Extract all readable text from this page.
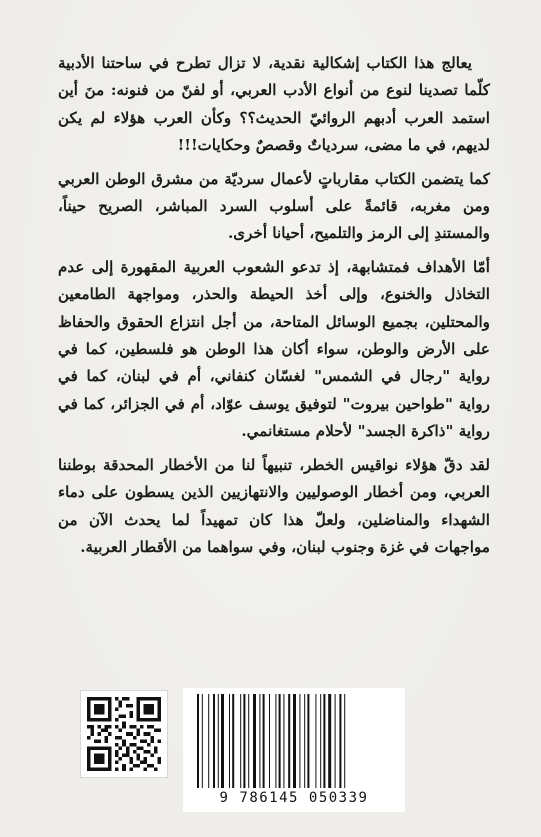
يعالج هذا الكتاب إشكالية نقدية، لا تزال تطرح في ساحتنا الأدبية كلّما تصدينا لنوع من أنواع الأدب العربي، أو لفنّ من فنونه: منَ أين استمد العرب أدبهم الروائيّ الحديث؟؟ وكأن العرب هؤلاء لم يكن لديهم، في ما مضى، سردياتٌ وقصصٌ وحكايات!!!

كما يتضمن الكتاب مقارباتٍ لأعمال سرديّة من مشرق الوطن العربي ومن مغربه، قائمةً على أسلوب السرد المباشر، الصريح حيناً، والمستندِ إلى الرمز والتلميح، أحيانا أخرى.

أمّا الأهداف فمتشابهة، إذ تدعو الشعوب العربية المقهورة إلى عدم التخاذل والخنوع، وإلى أخذ الحيطة والحذر، ومواجهة الطامعين والمحتلين، بجميع الوسائل المتاحة، من أجل انتزاع الحقوق والحفاظ على الأرض والوطن، سواء أكان هذا الوطن هو فلسطين، كما في رواية "رجال في الشمس" لغسّان كنفاني، أم في لبنان، كما في رواية "طواحين بيروت" لتوفيق يوسف عوّاد، أم في الجزائر، كما في رواية "ذاكرة الجسد" لأحلام مستغانمي.

لقد دقّ هؤلاء نواقيس الخطر، تنبيهاً لنا من الأخطار المحدقة بوطننا العربي، ومن أخطار الوصوليين والانتهازيين الذين يسطون على دماء الشهداء والمناضلين، ولعلّ هذا كان تمهيداً لما يحدث الآن من مواجهات في غزة وجنوب لبنان، وفي سواهما من الأقطار العربية.

9 786145 050339
